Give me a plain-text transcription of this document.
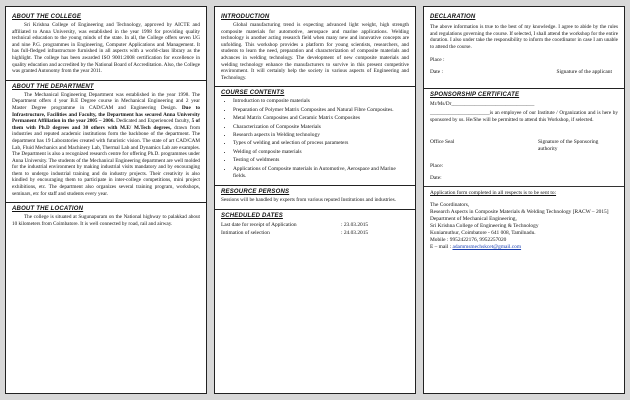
ABOUT THE COLLEGE

Sri Krishna College of Engineering and Technology, approved by AICTE and affiliated to Anna University, was established in the year 1998 for providing quality technical education to the young minds of the state. In all, the College offers seven UG and nine P.G. programmes in Engineering, Computer Applications and Management. It has full-fledged infrastructure furnished in all aspects with a world-class library as the highlight. The college has been awarded ISO 9001:2008 certification for excellence in quality education and accredited by the National Board of Accreditation. Also, the College was granted Autonomy from the year 2011.

ABOUT THE DEPARTMENT

The Mechanical Engineering Department was established in the year 1998. The Department offers 4 year B.E Degree course in Mechanical Engineering and 2 year Master Degree programme in CAD/CAM and Engineering Design. Due to Infrastructure, Facilities and Faculty, the Department has secured Anna University Permanent Affiliation in the year 2005 – 2006. Dedicated and Experienced faculty, 5 of them with Ph.D degrees and 30 others with M.E/ M.Tech degrees, drawn from industries and reputed academic institutions form the backbone of the department. The department has 19 Laboratories created with futuristic vision. The state of art CAD/CAM Lab, Fluid Mechanics and Machinery Lab, Thermal Lab and Dynamics Lab are examples. The Department is also a recognized research centre for offering Ph.D. programmes under Anna University. The students of the Mechanical Engineering department are well molded for the industrial environment by making industrial visits mandatory and by encouraging them to undergo industrial training and do industry projects. Their creativity is also kindled by encouraging them to participate in inter-college competitions, mini project exhibitions, etc. The department also organizes several training program, workshops, seminars, etc for staff and students every year.

ABOUT THE LOCATION

The college is situated at Sugunapuram on the National highway to palakkad about 10 kilometers from Coimbatore. It is well connected by road, rail and airway.

INTRODUCTION

Global manufacturing trend is expecting advanced light weight, high strength composite materials for automotive, aerospace and marine applications. Welding technology is another acting research field when many new and innovative concepts are unfolding. This workshop provides a platform for young scientists, researchers, and students to learn the need, preparation and characterization of composite materials and advances in welding technology. The development of new composite materials and welding technology enhance the manufacturers to survive in this present competitive environment. It will certainly help the society in various aspects of Engineering and Technology.

COURSE CONTENTS
• Introduction to composite materials
• Preparation of Polymer Matrix Composites and Natural Fibre Composites.
• Metal Matrix Composites and Ceramic Matrix Composites
• Characterization of Composite Materials
• Research aspects in Welding technology
• Types of welding and selection of process parameters
• Welding of composite materials
• Testing of weldments
• Applications of Composite materials in Automotive, Aerospace and Marine fields.
RESOURCE PERSONS

Sessions will be handled by experts from various reputed Institutions and industries.

SCHEDULED DATES
Last date for receipt of Application	: 23.03.2015
Intimation of selection	: 24.03.2015
DECLARATION

The above information is true to the best of my knowledge. I agree to abide by the rules and regulations governing the course. If selected, I shall attend the workshop for the entire duration. I also under take the responsibility to inform the coordinator in case I am unable to attend the course.

Place :
Date :	Signature of the applicant
SPONSORSHIP CERTIFICATE

Mr/Ms/Dr________________________________

_______________________is an employee of our Institute / Organization and is here by sponsored by us. He/She will be permitted to attend this Workshop, if selected.

Office Seal	Signature of the Sponsoring authority
Place:
Date:
Application form completed in all respects is to be sent to:
The Coordinators,
Research Aspects in Composite Materials & Welding Technology [RACW – 2015]
Department of Mechanical Engineering,
Sri Krishna College of Engineering & Technology
Kuniamuthur, Coimbatore - 641 008, Tamilnadu.
Mobile : 9952422176, 9952257020
E – mail : adammsmechskcet@gmail.com
